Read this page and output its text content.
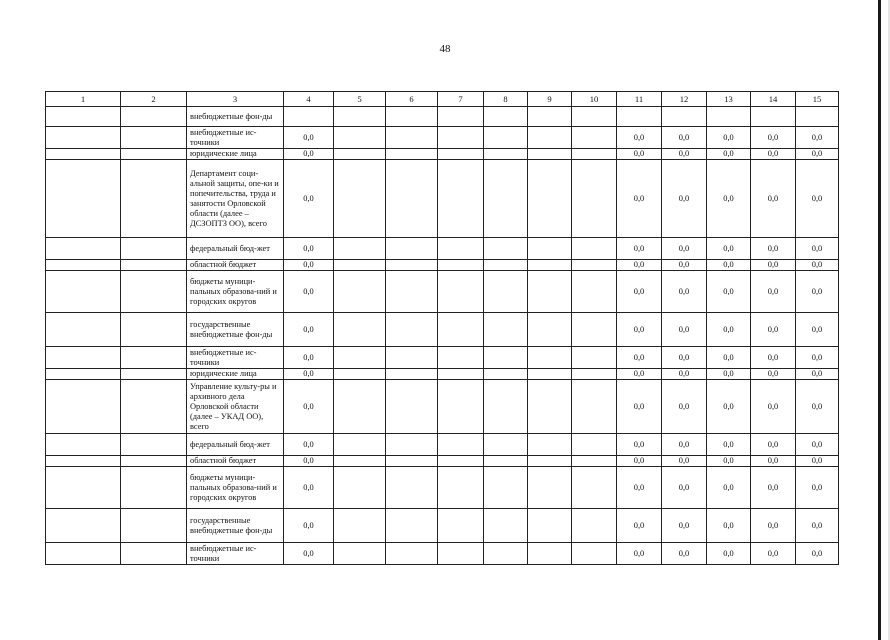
48
1	2	3	4	5	6	7	8	9	10	11	12	13	14	15
		внебюджетные фон-ды												
		внебюджетные ис-точники	0,0							0,0	0,0	0,0	0,0	0,0
		юридические лица	0,0							0,0	0,0	0,0	0,0	0,0
		Департамент соци-альной защиты, опе-ки и попечительства, труда и занятости Орловской области (далее – ДСЗОПТЗ ОО), всего	0,0							0,0	0,0	0,0	0,0	0,0
		федеральный бюд-жет	0,0							0,0	0,0	0,0	0,0	0,0
		областной бюджет	0,0							0,0	0,0	0,0	0,0	0,0
		бюджеты муници-пальных образова-ний и городских округов	0,0							0,0	0,0	0,0	0,0	0,0
		государственные внебюджетные фон-ды	0,0							0,0	0,0	0,0	0,0	0,0
		внебюджетные ис-точники	0,0							0,0	0,0	0,0	0,0	0,0
		юридические лица	0,0							0,0	0,0	0,0	0,0	0,0
		Управление культу-ры и архивного дела Орловской области (далее – УКАД ОО), всего	0,0							0,0	0,0	0,0	0,0	0,0
		федеральный бюд-жет	0,0							0,0	0,0	0,0	0,0	0,0
		областной бюджет	0,0							0,0	0,0	0,0	0,0	0,0
		бюджеты муници-пальных образова-ний и городских округов	0,0							0,0	0,0	0,0	0,0	0,0
		государственные внебюджетные фон-ды	0,0							0,0	0,0	0,0	0,0	0,0
		внебюджетные ис-точники	0,0							0,0	0,0	0,0	0,0	0,0
